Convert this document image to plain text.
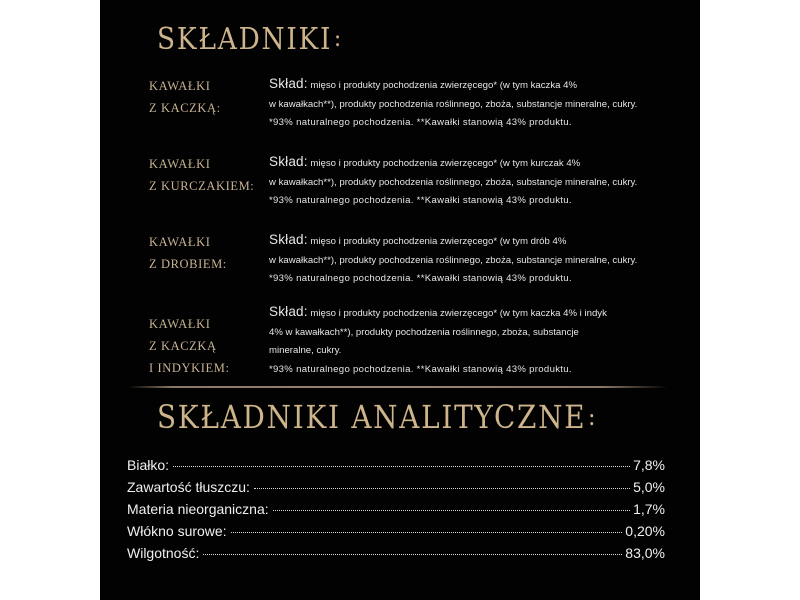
SKŁADNIKI:
KAWAŁKI
Z KACZKĄ:
Skład: mięso i produkty pochodzenia zwierzęcego* (w tym kaczka 4%
w kawałkach**), produkty pochodzenia roślinnego, zboża, substancje mineralne, cukry.
*93% naturalnego pochodzenia. **Kawałki stanowią 43% produktu.
KAWAŁKI
Z KURCZAKIEM:
Skład: mięso i produkty pochodzenia zwierzęcego* (w tym kurczak 4%
w kawałkach**), produkty pochodzenia roślinnego, zboża, substancje mineralne, cukry.
*93% naturalnego pochodzenia. **Kawałki stanowią 43% produktu.
KAWAŁKI
Z DROBIEM:
Skład: mięso i produkty pochodzenia zwierzęcego* (w tym drób 4%
w kawałkach**), produkty pochodzenia roślinnego, zboża, substancje mineralne, cukry.
*93% naturalnego pochodzenia. **Kawałki stanowią 43% produktu.
KAWAŁKI
Z KACZKĄ
I INDYKIEM:
Skład: mięso i produkty pochodzenia zwierzęcego* (w tym kaczka 4% i indyk
4% w kawałkach**), produkty pochodzenia roślinnego, zboża, substancje
mineralne, cukry.
*93% naturalnego pochodzenia. **Kawałki stanowią 43% produktu.
SKŁADNIKI ANALITYCZNE:
Białko:	7,8%
Zawartość tłuszczu:	5,0%
Materia nieorganiczna:	1,7%
Włókno surowe:	0,20%
Wilgotność:	83,0%
